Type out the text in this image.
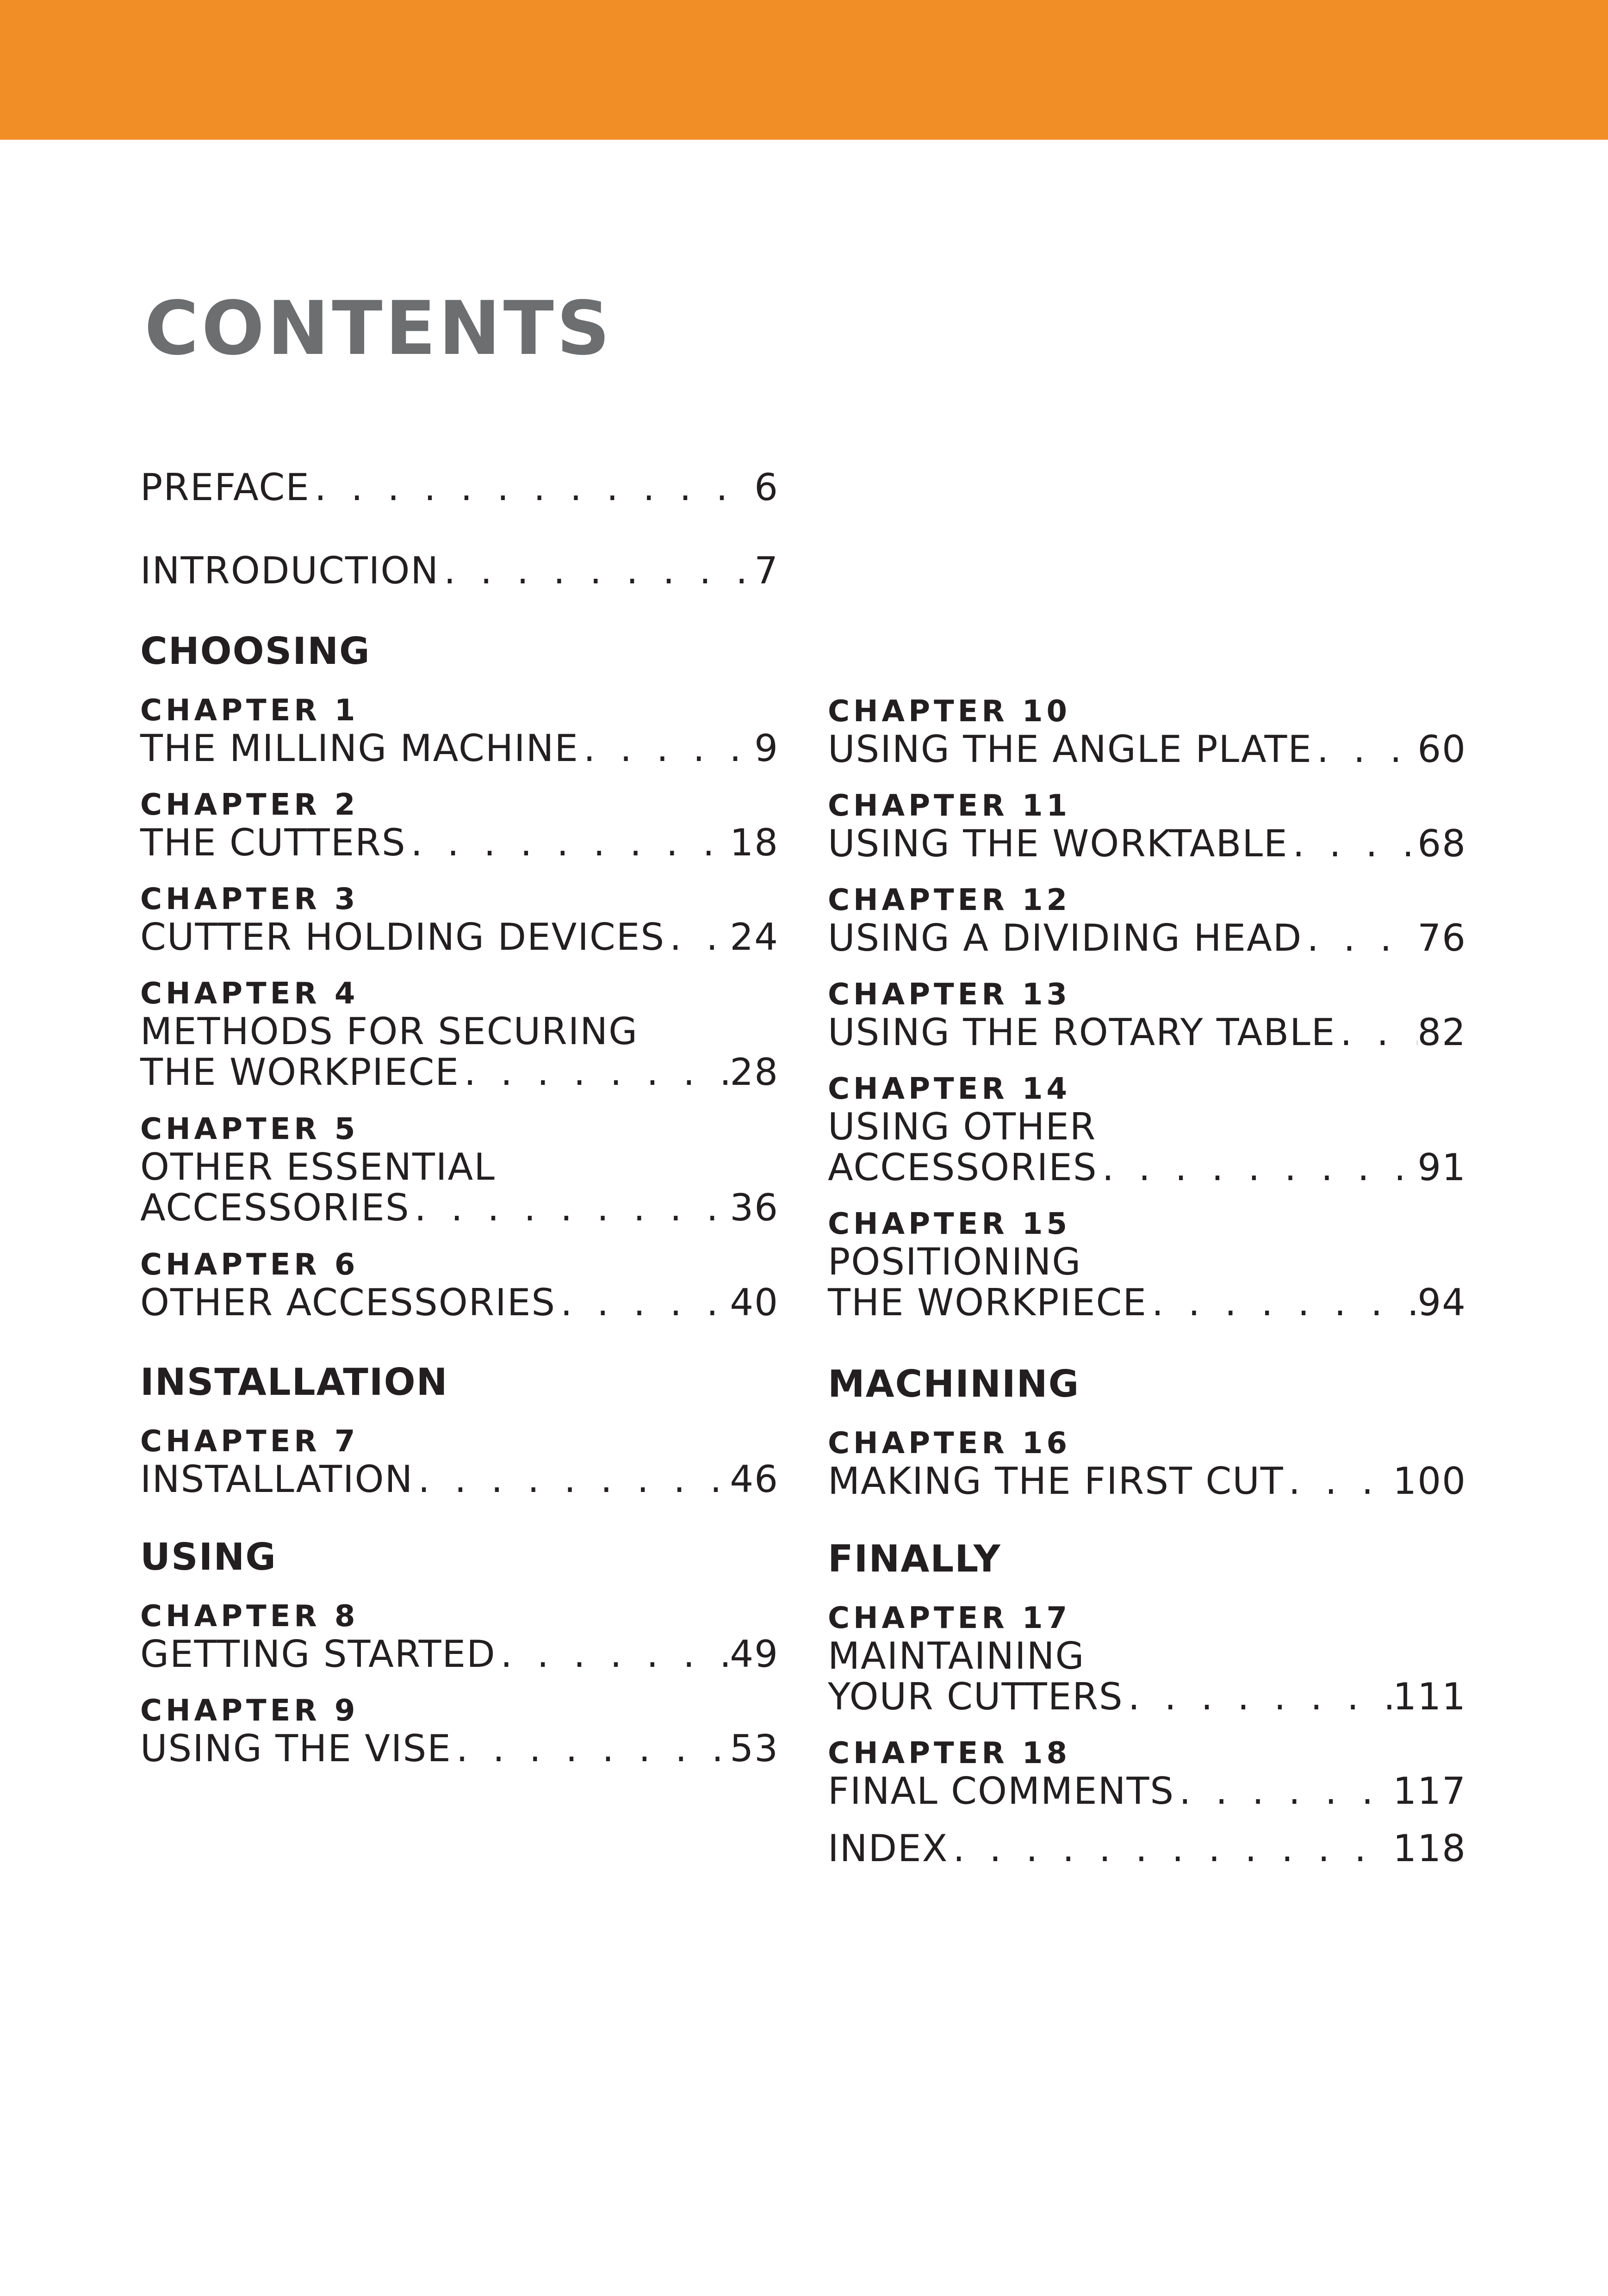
CONTENTS
PREFACE . . .	6
INTRODUCTION . . .	7
CHOOSING
CHAPTER 1
THE MILLING MACHINE . . .	9
CHAPTER 2
THE CUTTERS . . .	18
CHAPTER 3
CUTTER HOLDING DEVICES . . . 24
CHAPTER 4
METHODS FOR SECURING
THE WORKPIECE . . .	28
CHAPTER 5
OTHER ESSENTIAL
ACCESSORIES . . .	36
CHAPTER 6
OTHER ACCESSORIES . . .	40
INSTALLATION
CHAPTER 7
INSTALLATION . . .	46
USING
CHAPTER 8
GETTING STARTED . . .	49
CHAPTER 9
USING THE VISE . . .	53
CHAPTER 10
USING THE ANGLE PLATE . . .	60
CHAPTER 11
USING THE WORKTABLE . . .	68
CHAPTER 12
USING A DIVIDING HEAD . . .	76
CHAPTER 13
USING THE ROTARY TABLE . . . 82
CHAPTER 14
USING OTHER
ACCESSORIES . . .	91
CHAPTER 15
POSITIONING
THE WORKPIECE . . .	94
MACHINING
CHAPTER 16
MAKING THE FIRST CUT . . .	100
FINALLY
CHAPTER 17
MAINTAINING
YOUR CUTTERS . . .	111
CHAPTER 18
FINAL COMMENTS . . .	117
INDEX . . .	118
